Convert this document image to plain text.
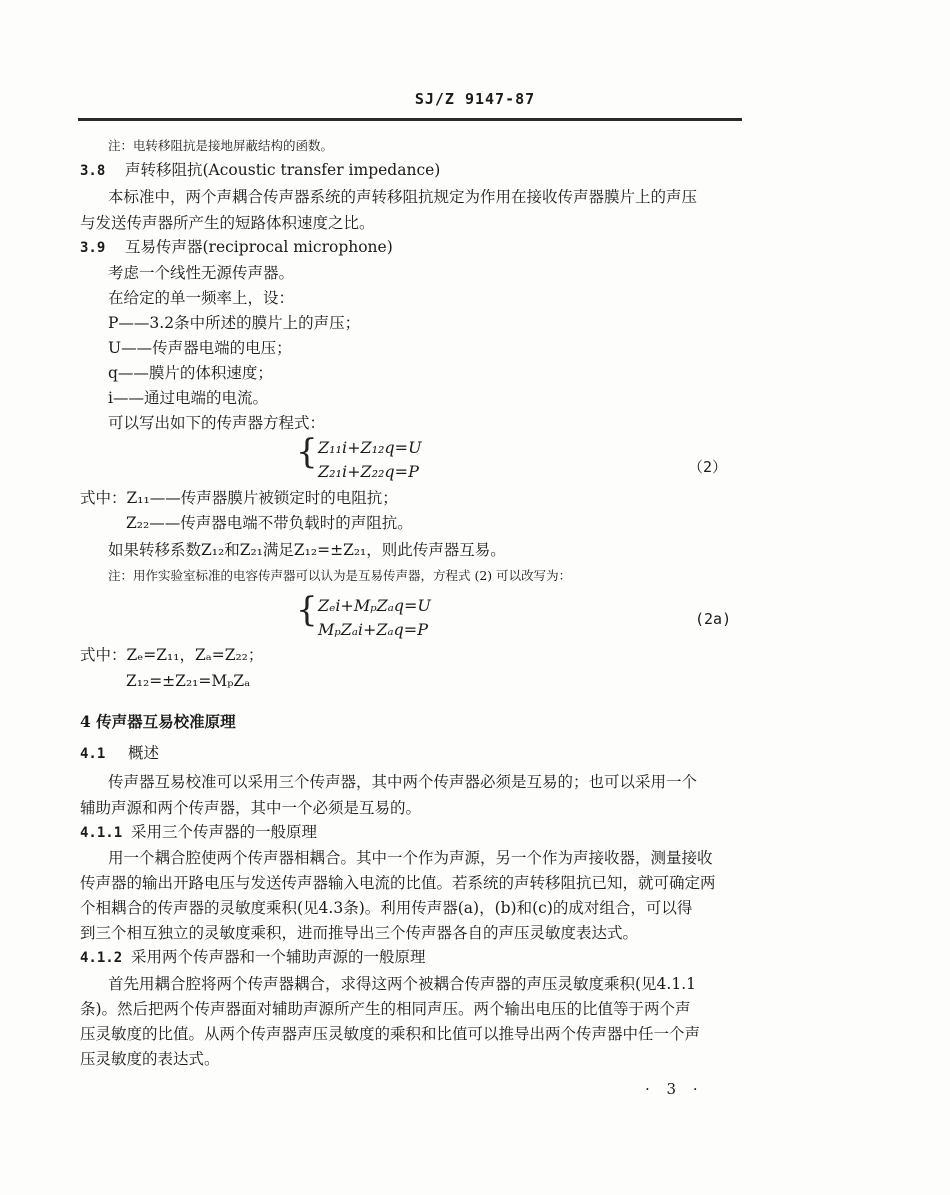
SJ/Z 9147-87
注：电转移阻抗是接地屏蔽结构的函数。
3.8 声转移阻抗(Acoustic transfer impedance)
本标准中，两个声耦合传声器系统的声转移阻抗规定为作用在接收传声器膜片上的声压
与发送传声器所产生的短路体积速度之比。
3.9 互易传声器(reciprocal microphone)
考虑一个线性无源传声器。
在给定的单一频率上，设：
P——3.2条中所述的膜片上的声压；
U——传声器电端的电压；
q——膜片的体积速度；
i——通过电端的电流。
可以写出如下的传声器方程式：
{ Z₁₁i+Z₁₂q=U
Z₂₁i+Z₂₂q=P	（2）
式中：Z₁₁——传声器膜片被锁定时的电阻抗；
Z₂₂——传声器电端不带负载时的声阻抗。
如果转移系数Z₁₂和Z₂₁满足Z₁₂=±Z₂₁，则此传声器互易。
注：用作实验室标准的电容传声器可以认为是互易传声器，方程式 (2) 可以改写为：
{ Zₑi+MₚZₐq=U
MₚZₐi+Zₐq=P
(2a)
式中：Zₑ=Z₁₁，Zₐ=Z₂₂；
Z₁₂=±Z₂₁=MₚZₐ
4 传声器互易校准原理
4.1 概述
传声器互易校准可以采用三个传声器，其中两个传声器必须是互易的；也可以采用一个
辅助声源和两个传声器，其中一个必须是互易的。
4.1.1 采用三个传声器的一般原理
用一个耦合腔使两个传声器相耦合。其中一个作为声源，另一个作为声接收器，测量接收
传声器的输出开路电压与发送传声器输入电流的比值。若系统的声转移阻抗已知，就可确定两
个相耦合的传声器的灵敏度乘积(见4.3条)。利用传声器(a)，(b)和(c)的成对组合，可以得
到三个相互独立的灵敏度乘积，进而推导出三个传声器各自的声压灵敏度表达式。
4.1.2 采用两个传声器和一个辅助声源的一般原理
首先用耦合腔将两个传声器耦合，求得这两个被耦合传声器的声压灵敏度乘积(见4.1.1
条)。然后把两个传声器面对辅助声源所产生的相同声压。两个输出电压的比值等于两个声
压灵敏度的比值。从两个传声器声压灵敏度的乘积和比值可以推导出两个传声器中任一个声
压灵敏度的表达式。
· 3 ·
